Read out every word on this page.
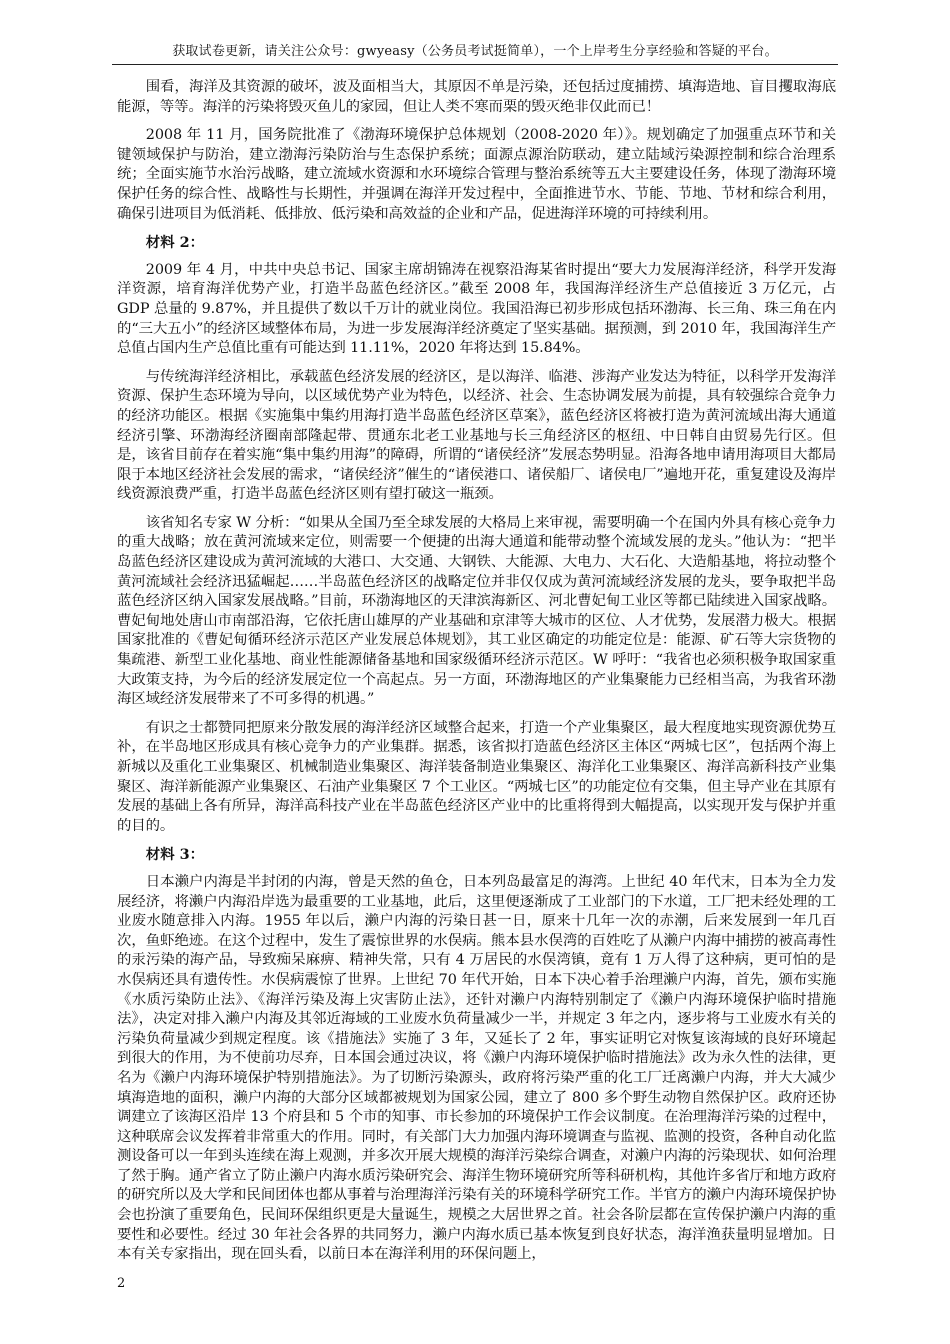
获取试卷更新，请关注公众号：gwyeasy（公务员考试挺简单），一个上岸考生分享经验和答疑的平台。

围看，海洋及其资源的破坏，波及面相当大，其原因不单是污染，还包括过度捕捞、填海造地、盲目攫取海底能源，等等。海洋的污染将毁灭鱼儿的家园，但让人类不寒而栗的毁灭绝非仅此而已！

2008 年 11 月，国务院批准了《渤海环境保护总体规划（2008-2020 年）》。规划确定了加强重点环节和关键领域保护与防治，建立渤海污染防治与生态保护系统；面源点源治防联动，建立陆域污染源控制和综合治理系统；全面实施节水治污战略，建立流域水资源和水环境综合管理与整治系统等五大主要建设任务，体现了渤海环境保护任务的综合性、战略性与长期性，并强调在海洋开发过程中，全面推进节水、节能、节地、节材和综合利用，确保引进项目为低消耗、低排放、低污染和高效益的企业和产品，促进海洋环境的可持续利用。

材料 2：

2009 年 4 月，中共中央总书记、国家主席胡锦涛在视察沿海某省时提出“要大力发展海洋经济，科学开发海洋资源，培育海洋优势产业，打造半岛蓝色经济区。”截至 2008 年，我国海洋经济生产总值接近 3 万亿元，占 GDP 总量的 9.87%，并且提供了数以千万计的就业岗位。我国沿海已初步形成包括环渤海、长三角、珠三角在内的“三大五小”的经济区域整体布局，为进一步发展海洋经济奠定了坚实基础。据预测，到 2010 年，我国海洋生产总值占国内生产总值比重有可能达到 11.11%，2020 年将达到 15.84%。

与传统海洋经济相比，承载蓝色经济发展的经济区，是以海洋、临港、涉海产业发达为特征，以科学开发海洋资源、保护生态环境为导向，以区域优势产业为特色，以经济、社会、生态协调发展为前提，具有较强综合竞争力的经济功能区。根据《实施集中集约用海打造半岛蓝色经济区草案》，蓝色经济区将被打造为黄河流域出海大通道经济引擎、环渤海经济圈南部隆起带、贯通东北老工业基地与长三角经济区的枢纽、中日韩自由贸易先行区。但是，该省目前存在着实施“集中集约用海”的障碍，所谓的“诸侯经济”发展态势明显。沿海各地申请用海项目大都局限于本地区经济社会发展的需求，“诸侯经济”催生的“诸侯港口、诸侯船厂、诸侯电厂”遍地开花，重复建设及海岸线资源浪费严重，打造半岛蓝色经济区则有望打破这一瓶颈。

该省知名专家 W 分析：“如果从全国乃至全球发展的大格局上来审视，需要明确一个在国内外具有核心竞争力的重大战略；放在黄河流域来定位，则需要一个便捷的出海大通道和能带动整个流域发展的龙头。”他认为：“把半岛蓝色经济区建设成为黄河流域的大港口、大交通、大钢铁、大能源、大电力、大石化、大造船基地，将拉动整个黄河流域社会经济迅猛崛起……半岛蓝色经济区的战略定位并非仅仅成为黄河流域经济发展的龙头，要争取把半岛蓝色经济区纳入国家发展战略。”目前，环渤海地区的天津滨海新区、河北曹妃甸工业区等都已陆续进入国家战略。曹妃甸地处唐山市南部沿海，它依托唐山雄厚的产业基础和京津等大城市的区位、人才优势，发展潜力极大。根据国家批准的《曹妃甸循环经济示范区产业发展总体规划》，其工业区确定的功能定位是：能源、矿石等大宗货物的集疏港、新型工业化基地、商业性能源储备基地和国家级循环经济示范区。W 呼吁：“我省也必须积极争取国家重大政策支持，为今后的经济发展定位一个高起点。另一方面，环渤海地区的产业集聚能力已经相当高，为我省环渤海区域经济发展带来了不可多得的机遇。”

有识之士都赞同把原来分散发展的海洋经济区域整合起来，打造一个产业集聚区，最大程度地实现资源优势互补，在半岛地区形成具有核心竞争力的产业集群。据悉，该省拟打造蓝色经济区主体区“两城七区”，包括两个海上新城以及重化工业集聚区、机械制造业集聚区、海洋装备制造业集聚区、海洋化工业集聚区、海洋高新科技产业集聚区、海洋新能源产业集聚区、石油产业集聚区 7 个工业区。“两城七区”的功能定位有交集，但主导产业在其原有发展的基础上各有所异，海洋高科技产业在半岛蓝色经济区产业中的比重将得到大幅提高，以实现开发与保护并重的目的。

材料 3：

日本濑户内海是半封闭的内海，曾是天然的鱼仓，日本列岛最富足的海湾。上世纪 40 年代末，日本为全力发展经济，将濑户内海沿岸选为最重要的工业基地，此后，这里便逐渐成了工业部门的下水道，工厂把未经处理的工业废水随意排入内海。1955 年以后，濑户内海的污染日甚一日，原来十几年一次的赤潮，后来发展到一年几百次，鱼虾绝迹。在这个过程中，发生了震惊世界的水俣病。熊本县水俣湾的百姓吃了从濑户内海中捕捞的被高毒性的汞污染的海产品，导致痴呆麻痹、精神失常，只有 4 万居民的水俣湾镇，竟有 1 万人得了这种病，更可怕的是水俣病还具有遗传性。水俣病震惊了世界。上世纪 70 年代开始，日本下决心着手治理濑户内海，首先，颁布实施《水质污染防止法》、《海洋污染及海上灾害防止法》，还针对濑户内海特别制定了《濑户内海环境保护临时措施法》，决定对排入濑户内海及其邻近海域的工业废水负荷量减少一半，并规定 3 年之内，逐步将与工业废水有关的污染负荷量减少到规定程度。该《措施法》实施了 3 年，又延长了 2 年，事实证明它对恢复该海域的良好环境起到很大的作用，为不使前功尽弃，日本国会通过决议，将《濑户内海环境保护临时措施法》改为永久性的法律，更名为《濑户内海环境保护特别措施法》。为了切断污染源头，政府将污染严重的化工厂迁离濑户内海，并大大减少填海造地的面积，濑户内海的大部分区域都被规划为国家公园，建立了 800 多个野生动物自然保护区。政府还协调建立了该海区沿岸 13 个府县和 5 个市的知事、市长参加的环境保护工作会议制度。在治理海洋污染的过程中，这种联席会议发挥着非常重大的作用。同时，有关部门大力加强内海环境调查与监视、监测的投资，各种自动化监测设备可以一年到头连续在海上观测，并多次开展大规模的海洋污染综合调查，对濑户内海的污染现状、如何治理了然于胸。通产省立了防止濑户内海水质污染研究会、海洋生物环境研究所等科研机构，其他许多省厅和地方政府的研究所以及大学和民间团体也都从事着与治理海洋污染有关的环境科学研究工作。半官方的濑户内海环境保护协会也扮演了重要角色，民间环保组织更是大量诞生，规模之大居世界之首。社会各阶层都在宣传保护濑户内海的重要性和必要性。经过 30 年社会各界的共同努力，濑户内海水质已基本恢复到良好状态，海洋渔获量明显增加。日本有关专家指出，现在回头看，以前日本在海洋利用的环保问题上，

2
